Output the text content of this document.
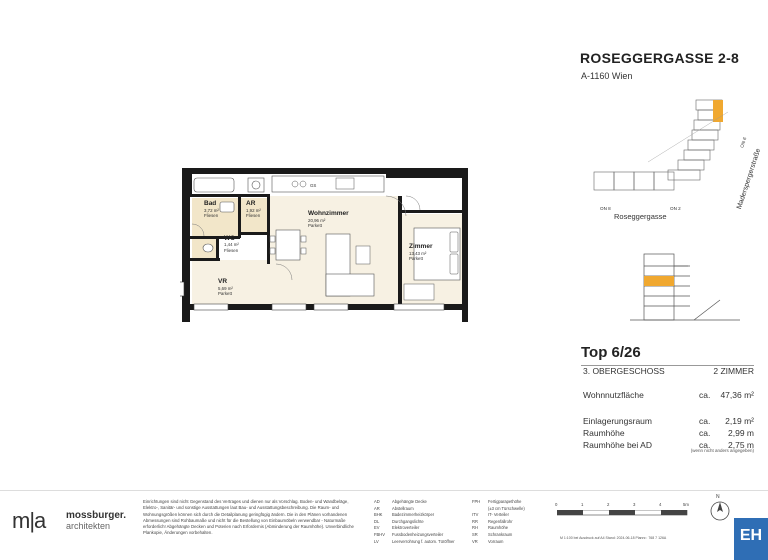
GS
Bad
3,72 m²
Fliesen
AR
1,92 m²
Fliesen
WC
1,44 m²
Fliesen
Wohnzimmer
20,96 m²
Parkett
Zimmer
13,43 m²
Parkett
VR
5,69 m²
Parkett
ROSEGGERGASSE 2-8
A-1160 Wien
ON 8	ON 2
ON 6
Roseggergasse
Maderspergerstraße
Top 6/26
3. OBERGESCHOSS	2 ZIMMER
Wohnnutzfläche	ca. 47,36 m²
Einlagerungsraum	ca. 2,19 m²
Raumhöhe	ca. 2,99 m
Raumhöhe bei AD	ca. 2,75 m
(wenn nicht anders angegeben)
m|a mossburger.
architekten
Einrichtungen sind nicht Gegenstand des Vertrages und dienen nur als Vorschlag. Boden- und Wandbeläge, Elektro-, Sanitär- und sonstige Ausstattungen laut Bau- und Ausstattungsbeschreibung. Die Raum- und Wohnungsgrößen können sich durch die Detailplanung geringfügig ändern. Die in den Plänen vorhandenen Abmessungen sind Rohbaumaße und nicht für die Bestellung von Einbaumöbeln verwendbar - Naturmaße erforderlich! Abgehängte Decken und Poterien nach Erfordernis (Abminderung der Raumhöhe). Unverbindliche Plankopie, Änderungen vorbehalten.
AD	Abgehängte Decke
AR	Abstellraum
BHK Badezimmerheizkörper
DL	Durchgangslichte
EV	Elektroverteiler
FBHV Fussbodenheizungsverteiler
LV	Leerverrohrung f. autom. Türöffner
FPH Fertigparapethöhe
(±3 cm Türschwelle)
ITV IT- Verteiler
RR Regenfallrohr
RH Raumhöhe
SR	Schrankraum
VR	Vorraum
0	1	2	3	4	5m
N
M 1:100 bei Ausdruck auf A4 Stand: 2024-06-18 Plannr.: 768 7 126A	EH
